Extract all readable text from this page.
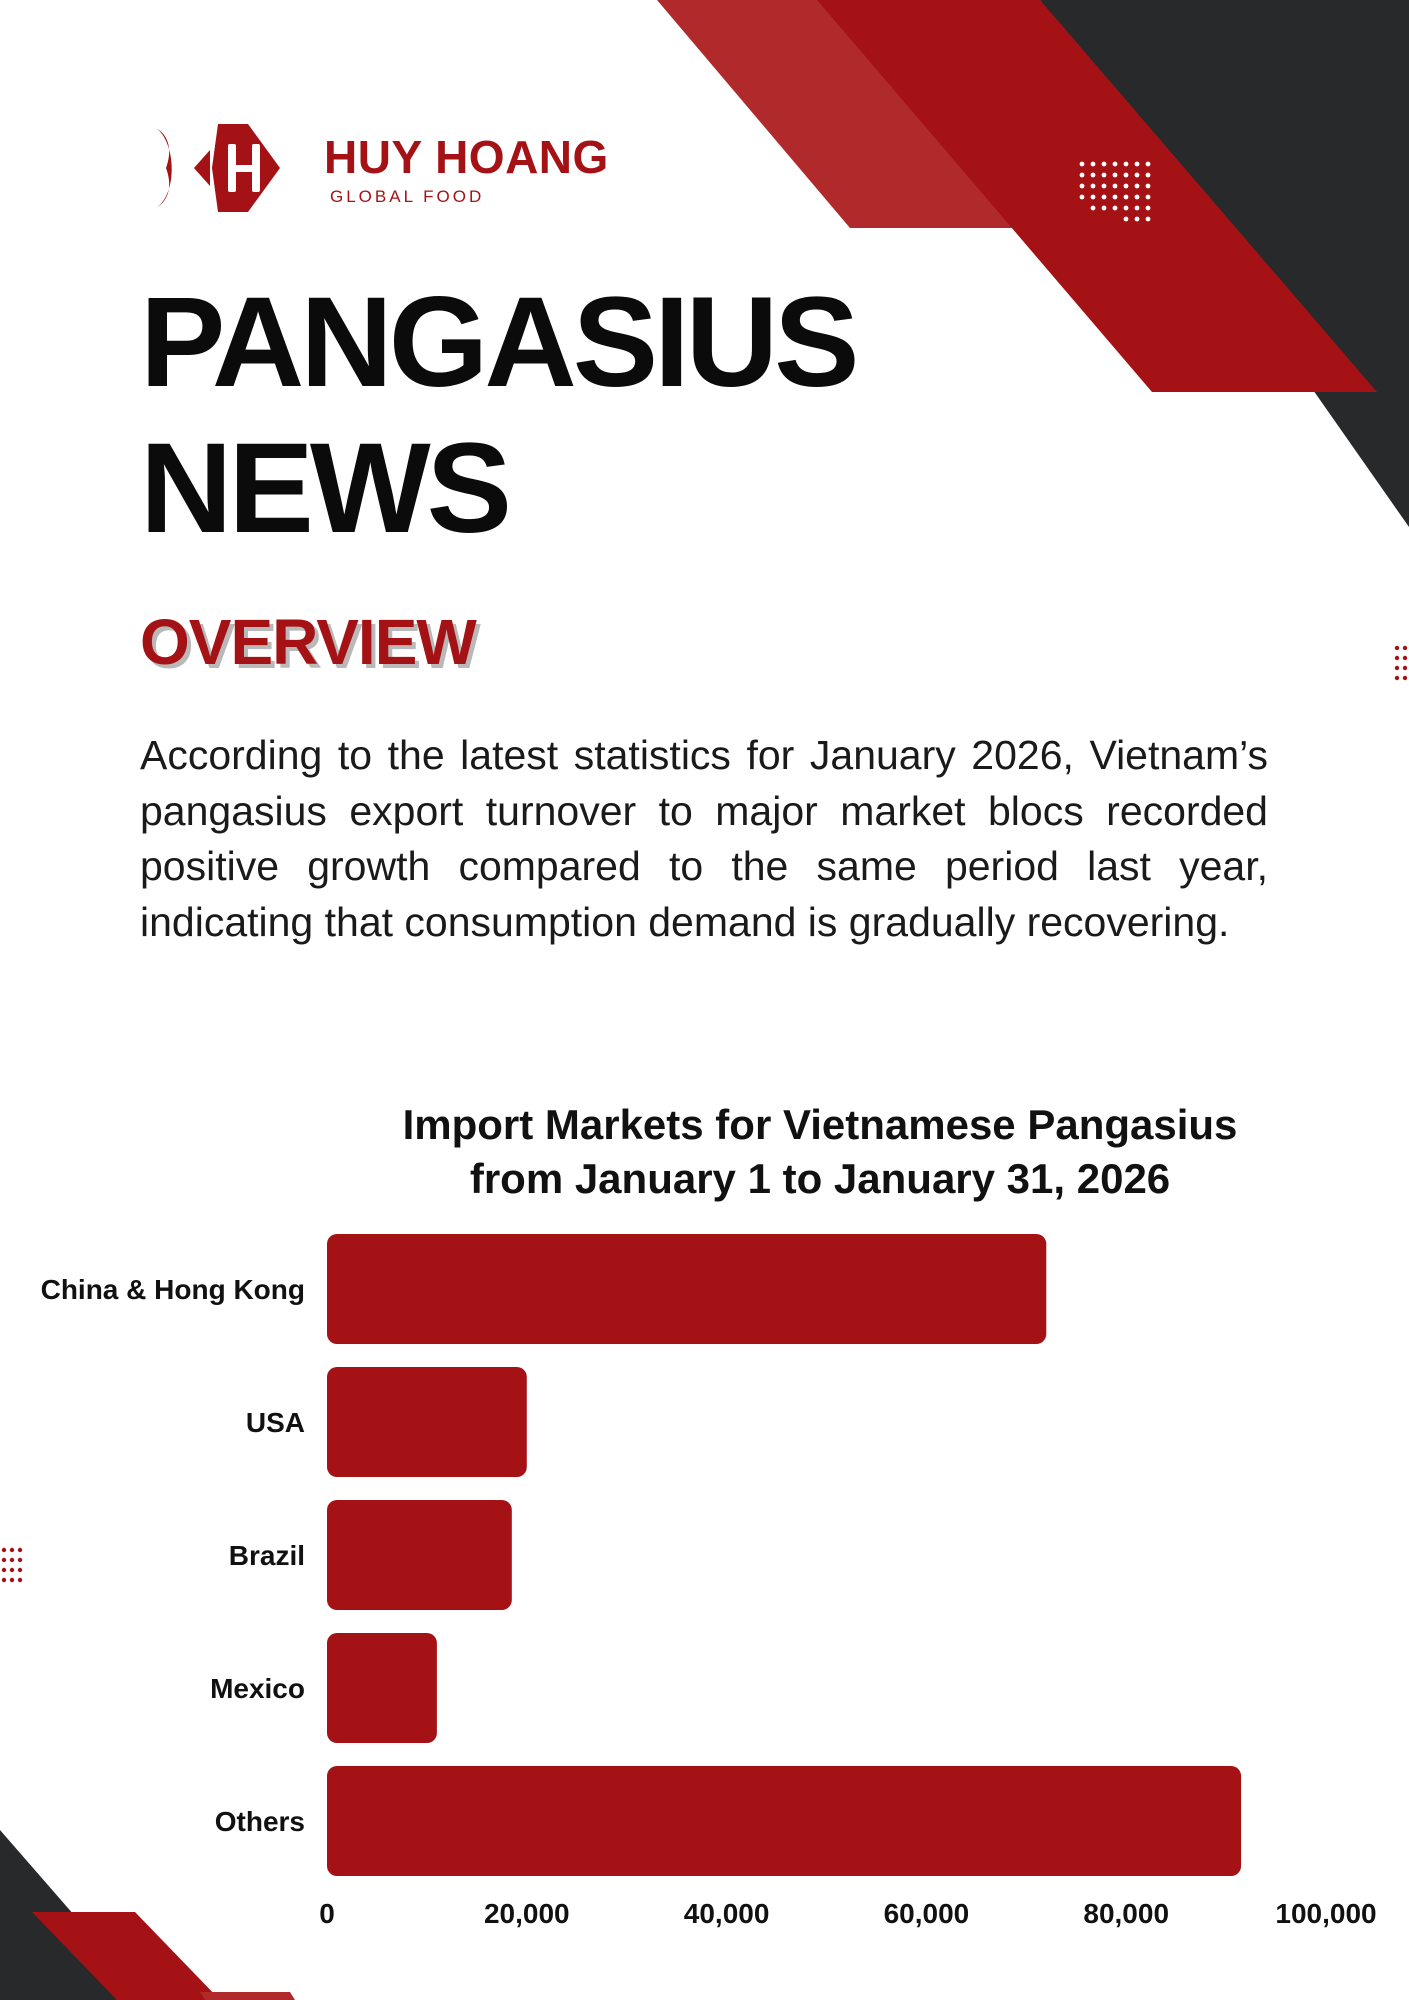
HUY HOANG
GLOBAL FOOD
PANGASIUS
NEWS
OVERVIEW

According to the latest statistics for January 2026, Vietnam’s pangasius export turnover to major market blocs recorded positive growth compared to the same period last year, indicating that consumption demand is gradually recovering.

Import Markets for Vietnamese Pangasius
from January 1 to January 31, 2026
China & Hong Kong
USA
Brazil
Mexico
Others
0	20,000	40,000	60,000	80,000	100,000
